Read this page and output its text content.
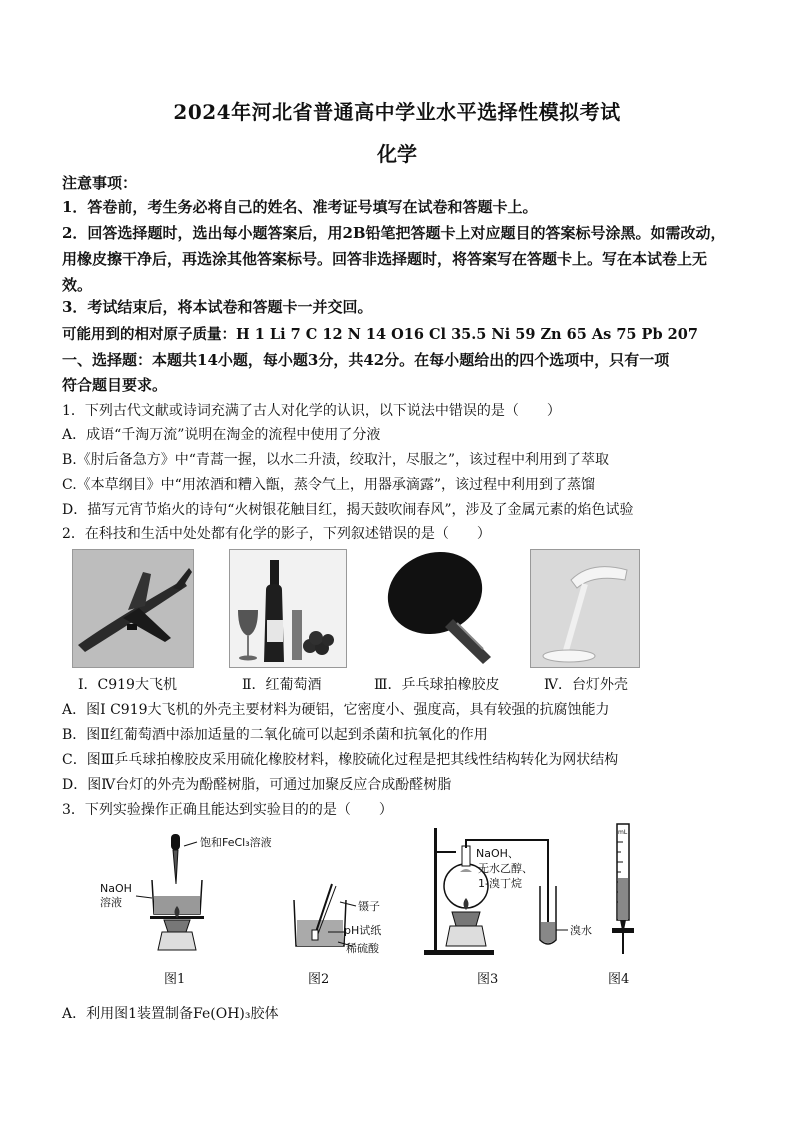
2024年河北省普通高中学业水平选择性模拟考试
化学
注意事项：
1．答卷前，考生务必将自己的姓名、准考证号填写在试卷和答题卡上。
2．回答选择题时，选出每小题答案后，用2B铅笔把答题卡上对应题目的答案标号涂黑。如需改动，用橡皮擦干净后，再选涂其他答案标号。回答非选择题时，将答案写在答题卡上。写在本试卷上无效。
3．考试结束后，将本试卷和答题卡一并交回。
可能用到的相对原子质量：H 1 Li 7 C 12 N 14 O16 Cl 35.5 Ni 59 Zn 65 As 75 Pb 207
一、选择题：本题共14小题，每小题3分，共42分。在每小题给出的四个选项中，只有一项
符合题目要求。
1．下列古代文献或诗词充满了古人对化学的认识，以下说法中错误的是（　　）
A．成语“千淘万流”说明在淘金的流程中使用了分液
B.《肘后备急方》中“青蒿一握，以水二升渍，绞取汁，尽服之”，该过程中利用到了萃取
C.《本草纲目》中“用浓酒和糟入甑，蒸令气上，用器承滴露”，该过程中利用到了蒸馏
D．描写元宵节焰火的诗句“火树银花触目红，揭天鼓吹闹春风”，涉及了金属元素的焰色试验
2．在科技和生活中处处都有化学的影子，下列叙述错误的是（　　）
Ⅰ．C919大飞机	Ⅱ．红葡萄酒	Ⅲ．乒乓球拍橡胶皮	Ⅳ．台灯外壳
A．图Ⅰ C919大飞机的外壳主要材料为硬铝，它密度小、强度高，具有较强的抗腐蚀能力
B．图Ⅱ红葡萄酒中添加适量的二氧化硫可以起到杀菌和抗氧化的作用
C．图Ⅲ乒乓球拍橡胶皮采用硫化橡胶材料，橡胶硫化过程是把其线性结构转化为网状结构
D．图Ⅳ台灯的外壳为酚醛树脂，可通过加聚反应合成酚醛树脂
3．下列实验操作正确且能达到实验目的的是（　　）
饱和FeCl₃溶液
NaOH
溶液	镊子
pH试纸
稀硫酸
NaOH、
无水乙醇、
1-溴丁烷
溴水
mL
图1	图2	图3	图4
A．利用图1装置制备Fe(OH)₃胶体
